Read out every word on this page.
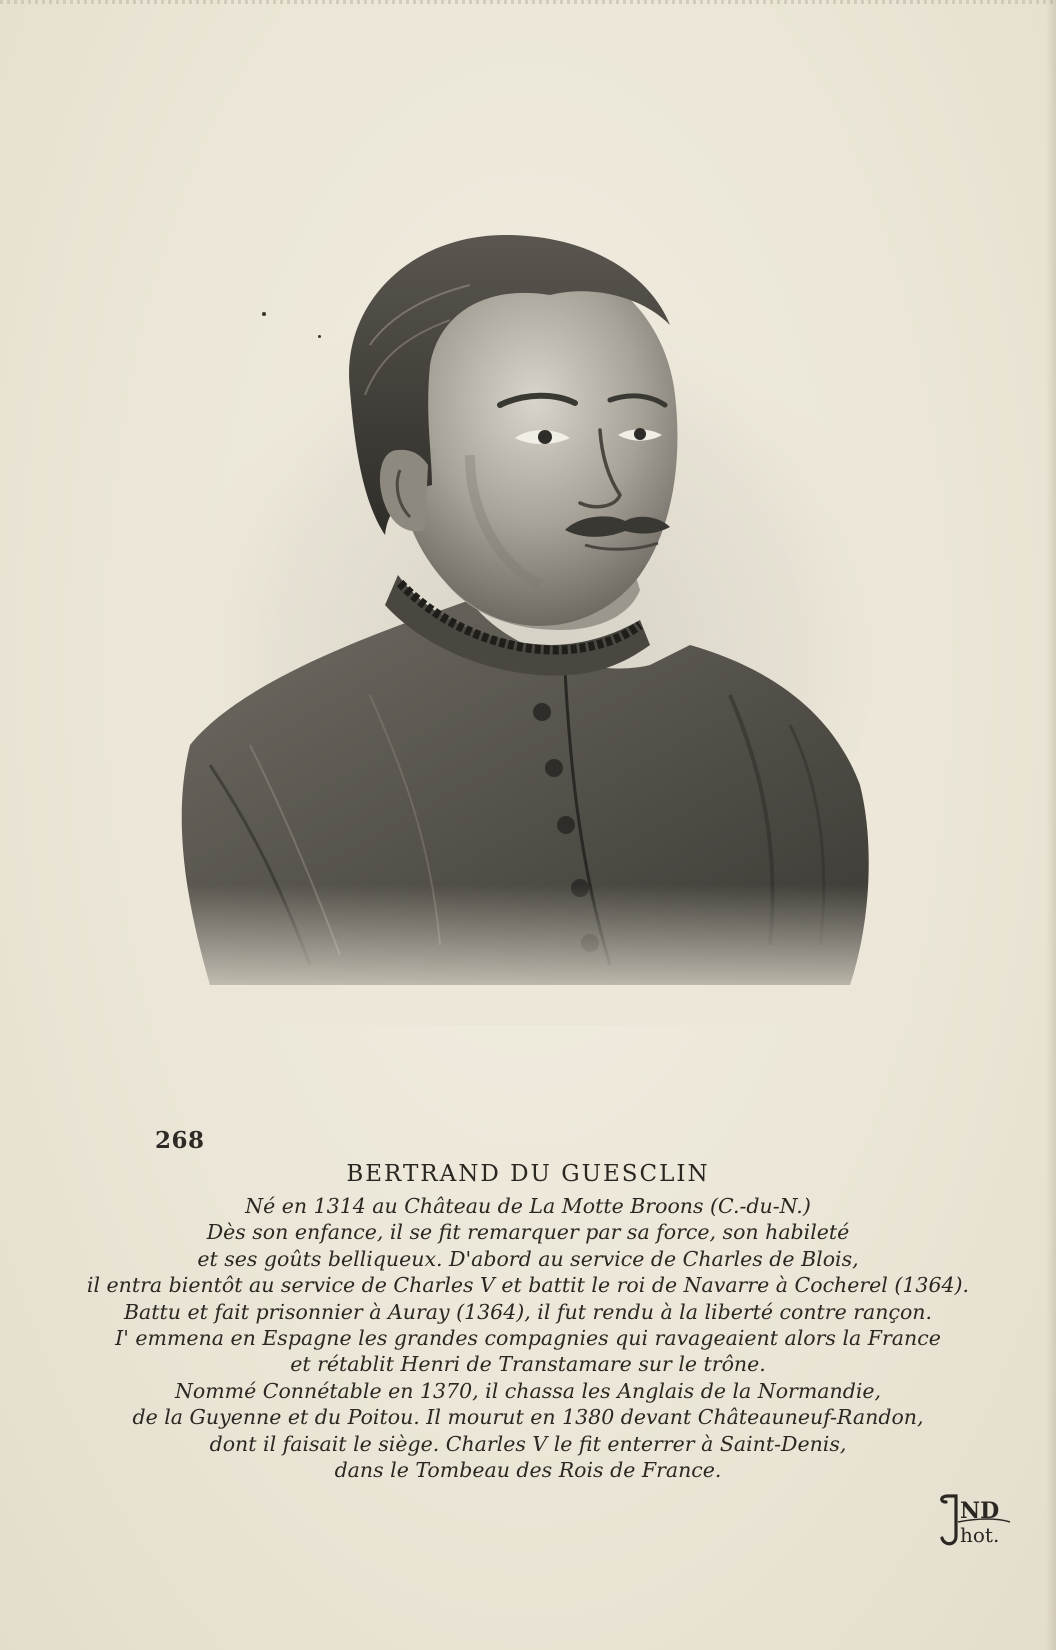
268
BERTRAND DU GUESCLIN
Né en 1314 au Château de La Motte Broons (C.-du-N.)
Dès son enfance, il se fit remarquer par sa force, son habileté
et ses goûts belliqueux. D'abord au service de Charles de Blois,
il entra bientôt au service de Charles V et battit le roi de Navarre à Cocherel (1364).
Battu et fait prisonnier à Auray (1364), il fut rendu à la liberté contre rançon.
I' emmena en Espagne les grandes compagnies qui ravageaient alors la France
et rétablit Henri de Transtamare sur le trône.
Nommé Connétable en 1370, il chassa les Anglais de la Normandie,
de la Guyenne et du Poitou. Il mourut en 1380 devant Châteauneuf-Randon,
dont il faisait le siège. Charles V le fit enterrer à Saint-Denis,
dans le Tombeau des Rois de France.
ND
hot.
